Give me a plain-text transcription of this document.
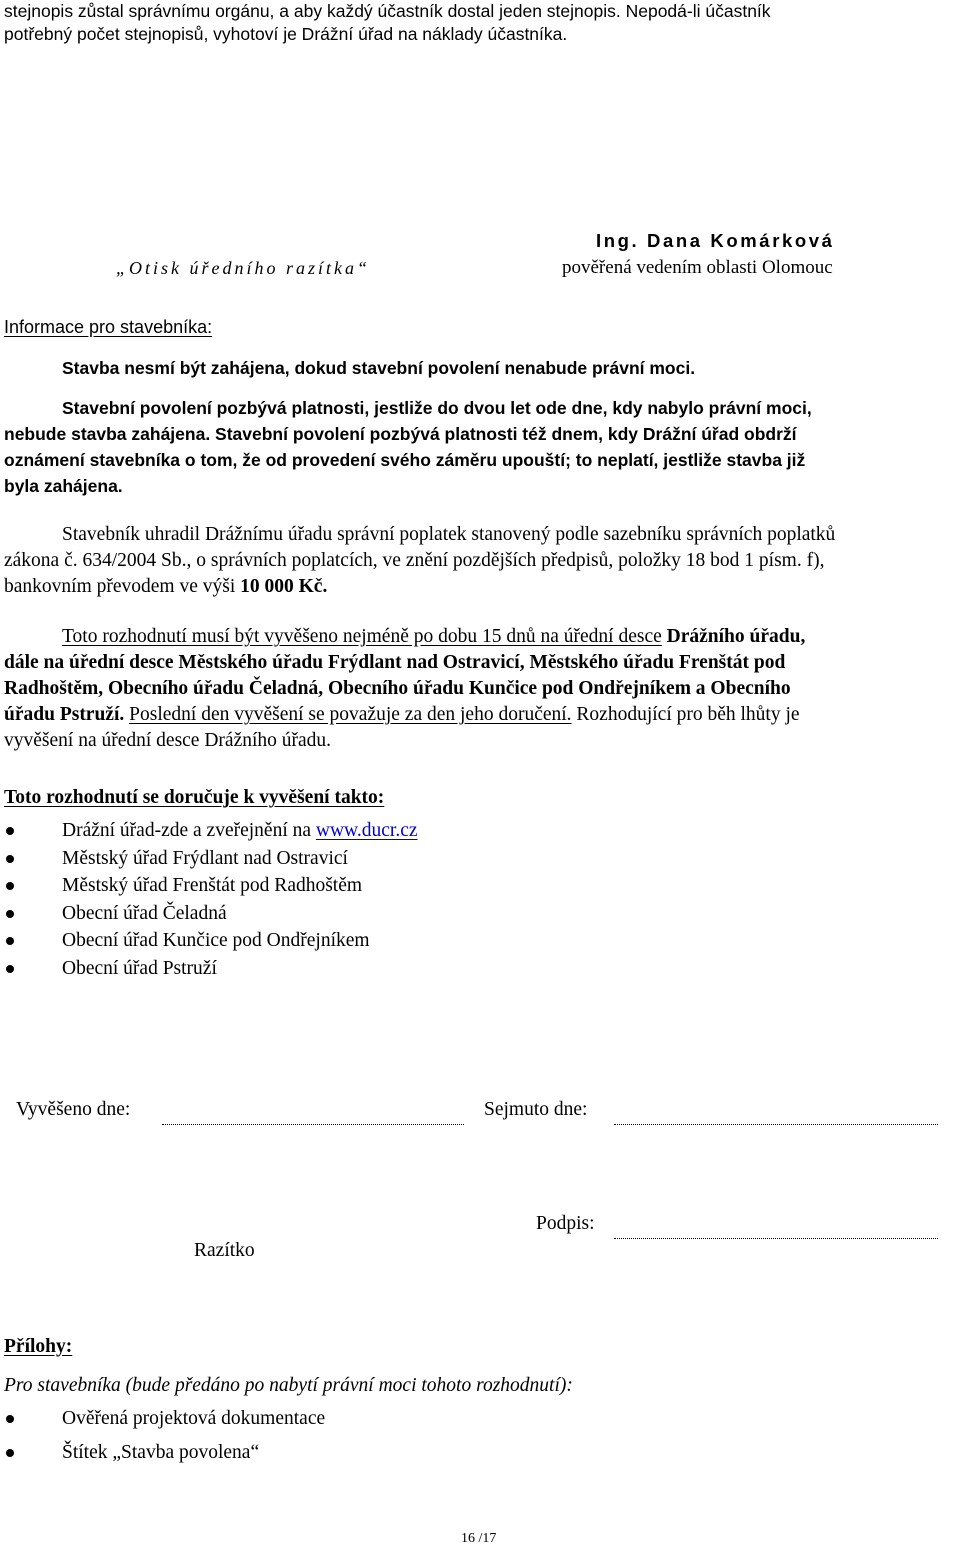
stejnopis zůstal správnímu orgánu, a aby každý účastník dostal jeden stejnopis. Nepodá-li účastník
potřebný počet stejnopisů, vyhotoví je Drážní úřad na náklady účastníka.
„Otisk úředního razítka“
Ing. Dana Komárková
pověřená vedením oblasti Olomouc
Informace pro stavebníka:
Stavba nesmí být zahájena, dokud stavební povolení nenabude právní moci.
Stavební povolení pozbývá platnosti, jestliže do dvou let ode dne, kdy nabylo právní moci,
nebude stavba zahájena. Stavební povolení pozbývá platnosti též dnem, kdy Drážní úřad obdrží
oznámení stavebníka o tom, že od provedení svého záměru upouští; to neplatí, jestliže stavba již
byla zahájena.
Stavebník uhradil Drážnímu úřadu správní poplatek stanovený podle sazebníku správních poplatků
zákona č. 634/2004 Sb., o správních poplatcích, ve znění pozdějších předpisů, položky 18 bod 1 písm. f),
bankovním převodem ve výši 10 000 Kč.
Toto rozhodnutí musí být vyvěšeno nejméně po dobu 15 dnů na úřední desce Drážního úřadu,
dále na úřední desce Městského úřadu Frýdlant nad Ostravicí, Městského úřadu Frenštát pod
Radhoštěm, Obecního úřadu Čeladná, Obecního úřadu Kunčice pod Ondřejníkem a Obecního
úřadu Pstruží. Poslední den vyvěšení se považuje za den jeho doručení. Rozhodující pro běh lhůty je
vyvěšení na úřední desce Drážního úřadu.
Toto rozhodnutí se doručuje k vyvěšení takto:
Drážní úřad-zde a zveřejnění na www.ducr.cz
Městský úřad Frýdlant nad Ostravicí
Městský úřad Frenštát pod Radhoštěm
Obecní úřad Čeladná
Obecní úřad Kunčice pod Ondřejníkem
Obecní úřad Pstruží
Vyvěšeno dne:	Sejmuto dne:
Podpis:
Razítko
Přílohy:
Pro stavebníka (bude předáno po nabytí právní moci tohoto rozhodnutí):
Ověřená projektová dokumentace
Štítek „Stavba povolena“
16 /17
